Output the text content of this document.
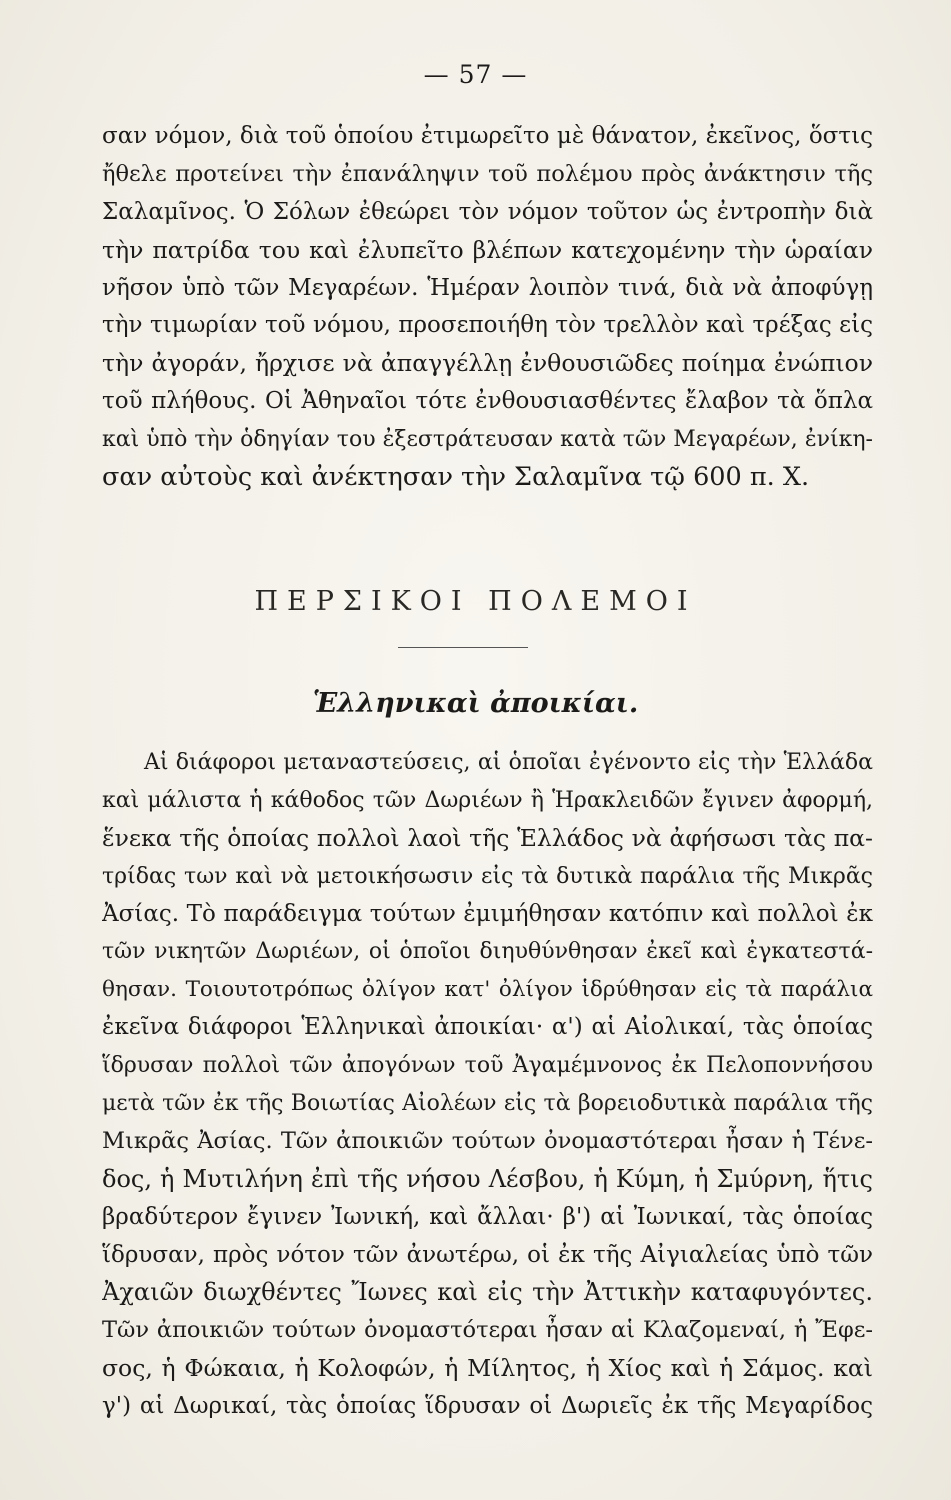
— 57 —
σαν νόμον, διὰ τοῦ ὁποίου ἐτιμωρεῖτο μὲ θάνατον, ἐκεῖνος, ὅστις
ἤθελε προτείνει τὴν ἐπανάληψιν τοῦ πολέμου πρὸς ἀνάκτησιν τῆς
Σαλαμῖνος. Ὁ Σόλων ἐθεώρει τὸν νόμον τοῦτον ὡς ἐντροπὴν διὰ
τὴν πατρίδα του καὶ ἐλυπεῖτο βλέπων κατεχομένην τὴν ὡραίαν
νῆσον ὑπὸ τῶν Μεγαρέων. Ἡμέραν λοιπὸν τινά, διὰ νὰ ἀποφύγῃ
τὴν τιμωρίαν τοῦ νόμου, προσεποιήθη τὸν τρελλὸν καὶ τρέξας εἰς
τὴν ἀγοράν, ἤρχισε νὰ ἀπαγγέλλῃ ἐνθουσιῶδες ποίημα ἐνώπιον
τοῦ πλήθους. Οἱ Ἀθηναῖοι τότε ἐνθουσιασθέντες ἔλαβον τὰ ὅπλα
καὶ ὑπὸ τὴν ὁδηγίαν του ἐξεστράτευσαν κατὰ τῶν Μεγαρέων, ἐνίκη-
σαν αὐτοὺς καὶ ἀνέκτησαν τὴν Σαλαμῖνα τῷ 600 π. Χ.
ΠΕΡΣΙΚΟΙ ΠΟΛΕΜΟΙ
Ἑλληνικαὶ ἀποικίαι.
Αἱ διάφοροι μεταναστεύσεις, αἱ ὁποῖαι ἐγένοντο εἰς τὴν Ἑλλάδα
καὶ μάλιστα ἡ κάθοδος τῶν Δωριέων ἢ Ἡρακλειδῶν ἔγινεν ἀφορμή,
ἕνεκα τῆς ὁποίας πολλοὶ λαοὶ τῆς Ἑλλάδος νὰ ἀφήσωσι τὰς πα-
τρίδας των καὶ νὰ μετοικήσωσιν εἰς τὰ δυτικὰ παράλια τῆς Μικρᾶς
Ἀσίας. Τὸ παράδειγμα τούτων ἐμιμήθησαν κατόπιν καὶ πολλοὶ ἐκ
τῶν νικητῶν Δωριέων, οἱ ὁποῖοι διηυθύνθησαν ἐκεῖ καὶ ἐγκατεστά-
θησαν. Τοιουτοτρόπως ὀλίγον κατ' ὀλίγον ἱδρύθησαν εἰς τὰ παράλια
ἐκεῖνα διάφοροι Ἑλληνικαὶ ἀποικίαι· α') αἱ Αἰολικαί, τὰς ὁποίας
ἵδρυσαν πολλοὶ τῶν ἀπογόνων τοῦ Ἀγαμέμνονος ἐκ Πελοποννήσου
μετὰ τῶν ἐκ τῆς Βοιωτίας Αἰολέων εἰς τὰ βορειοδυτικὰ παράλια τῆς
Μικρᾶς Ἀσίας. Τῶν ἀποικιῶν τούτων ὀνομαστότεραι ἦσαν ἡ Τένε-
δος, ἡ Μυτιλήνη ἐπὶ τῆς νήσου Λέσβου, ἡ Κύμη, ἡ Σμύρνη, ἥτις
βραδύτερον ἔγινεν Ἰωνική, καὶ ἄλλαι· β') αἱ Ἰωνικαί, τὰς ὁποίας
ἵδρυσαν, πρὸς νότον τῶν ἀνωτέρω, οἱ ἐκ τῆς Αἰγιαλείας ὑπὸ τῶν
Ἀχαιῶν διωχθέντες Ἴωνες καὶ εἰς τὴν Ἀττικὴν καταφυγόντες.
Τῶν ἀποικιῶν τούτων ὀνομαστότεραι ἦσαν αἱ Κλαζομεναί, ἡ Ἔφε-
σος, ἡ Φώκαια, ἡ Κολοφών, ἡ Μίλητος, ἡ Χίος καὶ ἡ Σάμος. καὶ
γ') αἱ Δωρικαί, τὰς ὁποίας ἵδρυσαν οἱ Δωριεῖς ἐκ τῆς Μεγαρίδος
